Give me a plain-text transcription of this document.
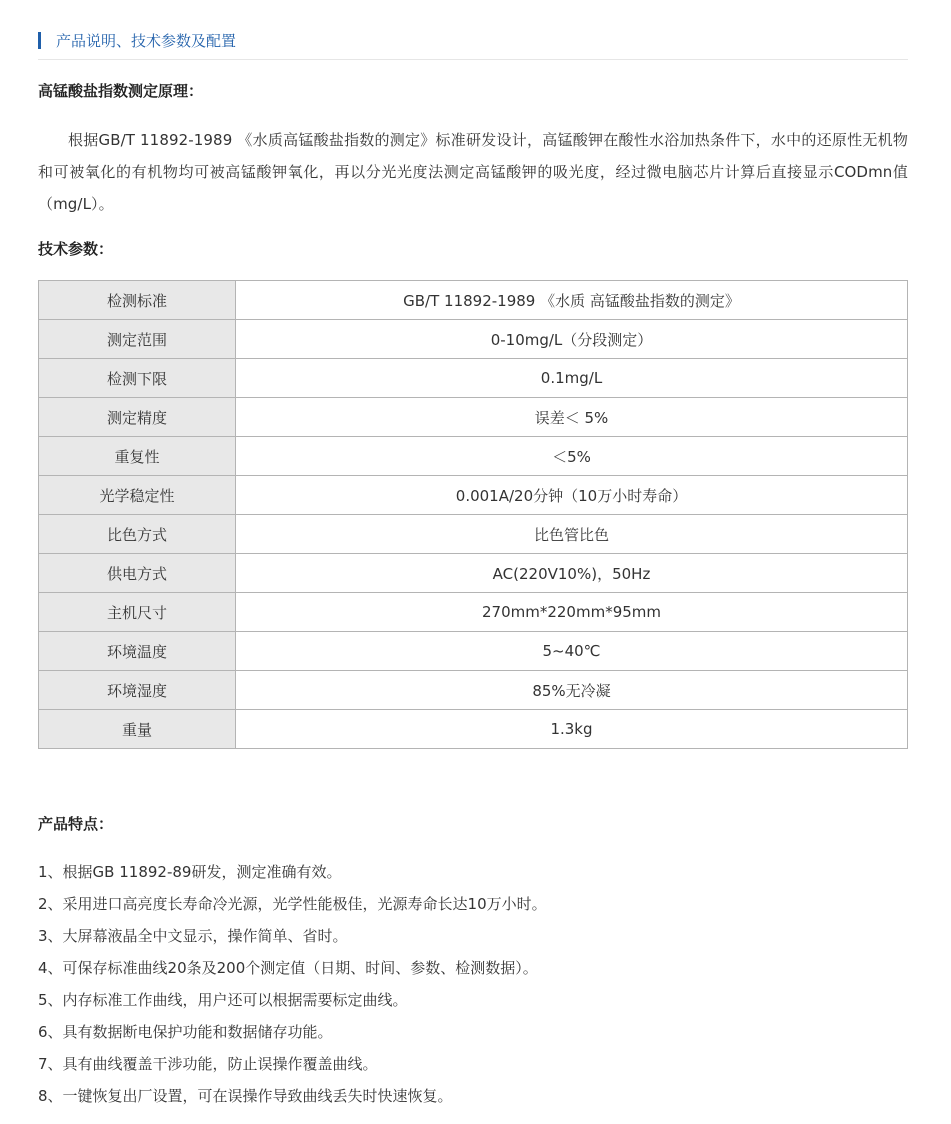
产品说明、技术参数及配置
高锰酸盐指数测定原理：
根据GB/T 11892-1989 《水质高锰酸盐指数的测定》标准研发设计，高锰酸钾在酸性水浴加热条件下，水中的还原性无机物和可被氧化的有机物均可被高锰酸钾氧化，再以分光光度法测定高锰酸钾的吸光度，经过微电脑芯片计算后直接显示CODmn值（mg/L）。
技术参数：
检测标准	GB/T 11892-1989 《水质 高锰酸盐指数的测定》
测定范围	0-10mg/L（分段测定）
检测下限	0.1mg/L
测定精度	误差＜ 5%
重复性	＜5%
光学稳定性	0.001A/20分钟（10万小时寿命）
比色方式	比色管比色
供电方式	AC(220V10%)，50Hz
主机尺寸	270mm*220mm*95mm
环境温度	5~40℃
环境湿度	85%无冷凝
重量	1.3kg
产品特点：
1、根据GB 11892-89研发，测定准确有效。
2、采用进口高亮度长寿命冷光源，光学性能极佳，光源寿命长达10万小时。
3、大屏幕液晶全中文显示，操作简单、省时。
4、可保存标准曲线20条及200个测定值（日期、时间、参数、检测数据）。
5、内存标准工作曲线，用户还可以根据需要标定曲线。
6、具有数据断电保护功能和数据储存功能。
7、具有曲线覆盖干涉功能，防止误操作覆盖曲线。
8、一键恢复出厂设置，可在误操作导致曲线丢失时快速恢复。
